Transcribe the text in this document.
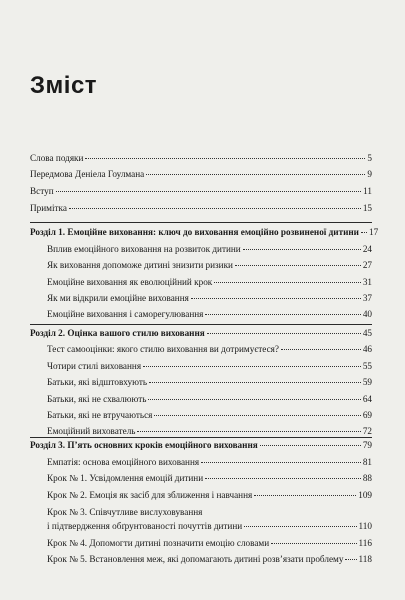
Зміст
Слова подяки	5
Передмова Деніела Гоулмана	9
Вступ	11
Примітка	15
Розділ 1. Емоційне виховання: ключ до виховання емоційно розвиненої дитини 17
Вплив емоційного виховання на розвиток дитини	24
Як виховання допоможе дитині знизити ризики	27
Емоційне виховання як еволюційний крок	31
Як ми відкрили емоційне виховання	37
Емоційне виховання і саморегулювання	40
Розділ 2. Оцінка вашого стилю виховання	45
Тест самооцінки: якого стилю виховання ви дотримуєтеся?	46
Чотири стилі виховання	55
Батьки, які відштовхують	59
Батьки, які не схвалюють	64
Батьки, які не втручаються	69
Емоційний вихователь	72
Розділ 3. П’ять основних кроків емоційного виховання	79
Емпатія: основа емоційного виховання	81
Крок № 1. Усвідомлення емоцій дитини	88
Крок № 2. Емоція як засіб для зближення і навчання	109
Крок № 3. Співчутливе вислуховування
і підтвердження обґрунтованості почуттів дитини	110
Крок № 4. Допомогти дитині позначити емоцію словами	116
Крок № 5. Встановлення меж, які допомагають дитині розв’язати проблему 118
